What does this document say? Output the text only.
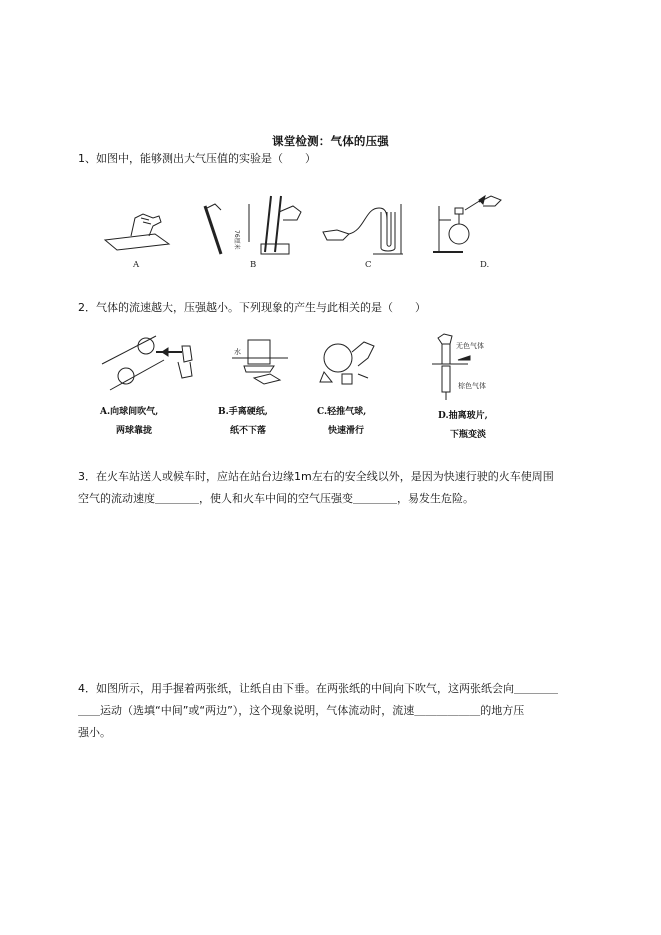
课堂检测：气体的压强
1、如图中，能够测出大气压值的实验是（　　）
76厘米
A	B	C	D.
2．气体的流速越大，压强越小。下列现象的产生与此相关的是（　　）
水
无色气体
棕色气体
A.向球间吹气,
两球靠拢
B.手离硬纸,
纸不下落
C.轻推气球,
快速滑行
D.抽离玻片,
下瓶变淡
3．在火车站送人或候车时，应站在站台边缘1m左右的安全线以外，是因为快速行驶的火车使周围
空气的流动速度＿＿＿＿，使人和火车中间的空气压强变＿＿＿＿，易发生危险。
4．如图所示，用手握着两张纸，让纸自由下垂。在两张纸的中间向下吹气，这两张纸会向＿＿＿＿
＿＿运动（选填“中间”或“两边”），这个现象说明，气体流动时，流速＿＿＿＿＿＿的地方压
强小。
